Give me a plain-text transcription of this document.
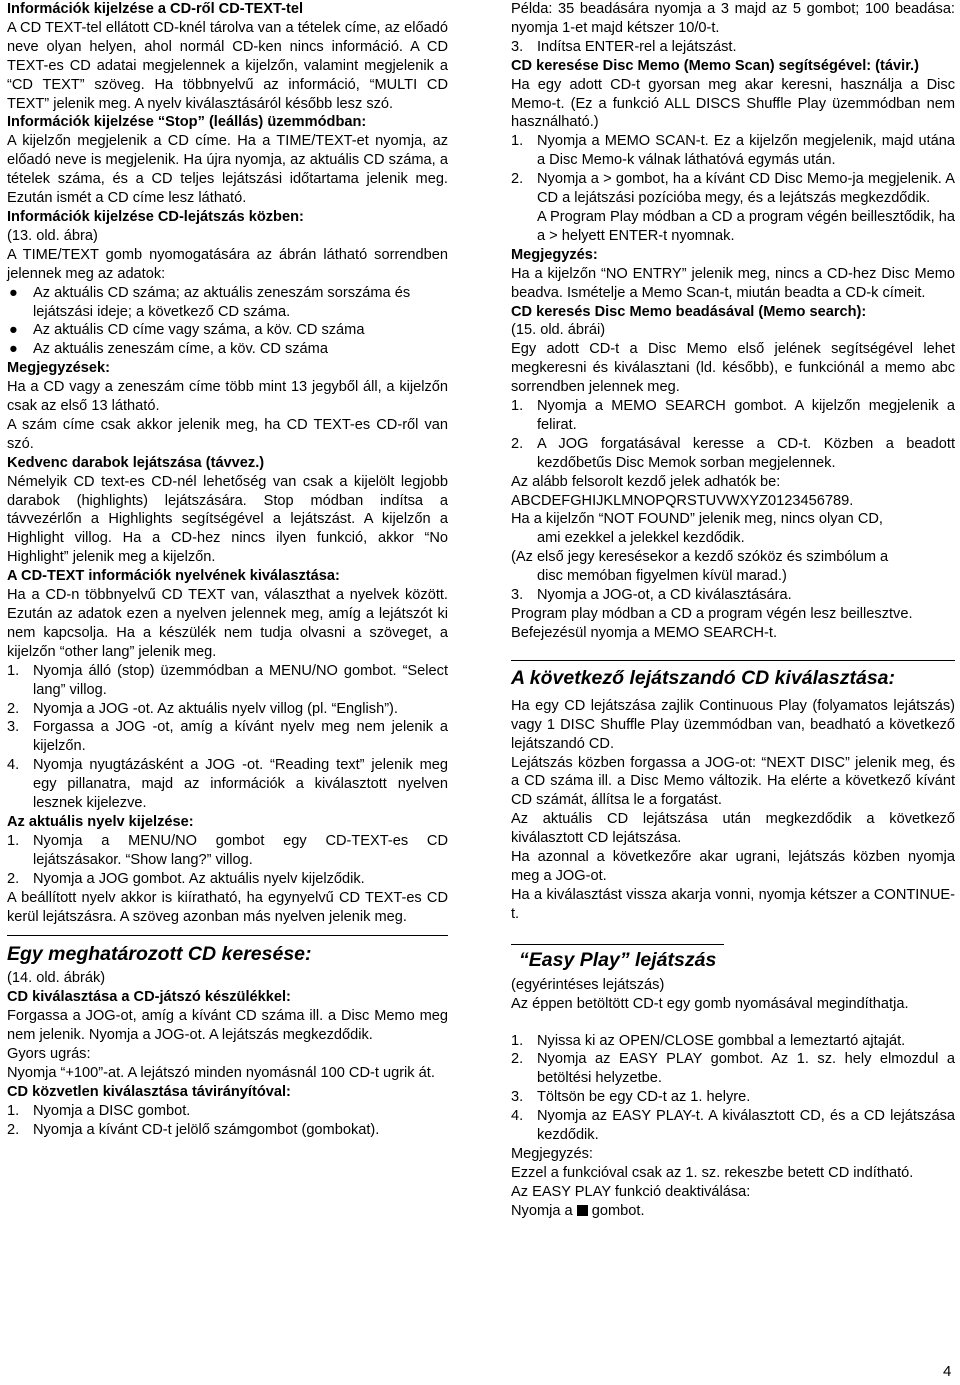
Információk kijelzése a CD-ről CD-TEXT-tel

A CD TEXT-tel ellátott CD-knél tárolva van a tételek címe, az előadó neve olyan helyen, ahol normál CD-ken nincs információ. A CD TEXT-es CD adatai megjelennek a kijelzőn, valamint megjelenik a “CD TEXT” szöveg. Ha többnyelvű az információ, “MULTI CD TEXT” jelenik meg. A nyelv kiválasztásáról később lesz szó.

Információk kijelzése “Stop” (leállás) üzemmódban:

A kijelzőn megjelenik a CD címe. Ha a TIME/TEXT-et nyomja, az előadó neve is megjelenik. Ha újra nyomja, az aktuális CD száma, a tételek száma, és a CD teljes lejátszási időtartama jelenik meg. Ezután ismét a CD címe lesz látható.

Információk kijelzése CD-lejátszás közben:

(13. old. ábra)

A TIME/TEXT gomb nyomogatására az ábrán látható sorrendben jelennek meg az adatok:

● Az aktuális CD száma; az aktuális zeneszám sorszáma és lejátszási ideje; a következő CD száma.
● Az aktuális CD címe vagy száma, a köv. CD száma
● Az aktuális zeneszám címe, a köv. CD száma

Megjegyzések:

Ha a CD vagy a zeneszám címe több mint 13 jegyből áll, a kijelzőn csak az első 13 látható.

A szám címe csak akkor jelenik meg, ha CD TEXT-es CD-ről van szó.

Kedvenc darabok lejátszása (távvez.)

Némelyik CD text-es CD-nél lehetőség van csak a kijelölt legjobb darabok (highlights) lejátszására. Stop módban indítsa a távvezérlőn a Highlights segítségével a lejátszást. A kijelzőn a Highlight villog. Ha a CD-hez nincs ilyen funkció, akkor “No Highlight” jelenik meg a kijelzőn.

A CD-TEXT információk nyelvének kiválasztása:

Ha a CD-n többnyelvű CD TEXT van, választhat a nyelvek között. Ezután az adatok ezen a nyelven jelennek meg, amíg a lejátszót ki nem kapcsolja. Ha a készülék nem tudja olvasni a szöveget, a kijelzőn “other lang” jelenik meg.

1. Nyomja álló (stop) üzemmódban a MENU/NO gombot. “Select lang” villog.
2. Nyomja a JOG -ot. Az aktuális nyelv villog (pl. “English”).
3. Forgassa a JOG -ot, amíg a kívánt nyelv meg nem jelenik a kijelzőn.
4. Nyomja nyugtázásként a JOG -ot. “Reading text” jelenik meg egy pillanatra, majd az információk a kiválasztott nyelven lesznek kijelezve.

Az aktuális nyelv kijelzése:

1. Nyomja a MENU/NO gombot egy CD-TEXT-es CD lejátszásakor. “Show lang?” villog.
2. Nyomja a JOG gombot. Az aktuális nyelv kijelződik.

A beállított nyelv akkor is kiíratható, ha egynyelvű CD TEXT-es CD kerül lejátszásra. A szöveg azonban más nyelven jelenik meg.

Egy meghatározott CD keresése:

(14. old. ábrák)

CD kiválasztása a CD-játszó készülékkel:

Forgassa a JOG-ot, amíg a kívánt CD száma ill. a Disc Memo meg nem jelenik. Nyomja a JOG-ot. A lejátszás megkezdődik.

Gyors ugrás:

Nyomja “+100”-at. A lejátszó minden nyomásnál 100 CD-t ugrik át.

CD közvetlen kiválasztása távirányítóval:

1. Nyomja a DISC gombot.
2. Nyomja a kívánt CD-t jelölő számgombot (gombokat).

Példa: 35 beadására nyomja a 3 majd az 5 gombot; 100 beadása: nyomja 1-et majd kétszer 10/0-t.

3. Indítsa ENTER-rel a lejátszást.

CD keresése Disc Memo (Memo Scan) segítségével: (távir.)

Ha egy adott CD-t gyorsan meg akar keresni, használja a Disc Memo-t. (Ez a funkció ALL DISCS Shuffle Play üzemmódban nem használható.)

1. Nyomja a MEMO SCAN-t. Ez a kijelzőn megjelenik, majd utána a Disc Memo-k válnak láthatóvá egymás után.
2. Nyomja a > gombot, ha a kívánt CD Disc Memo-ja megjelenik. A CD a lejátszási pozícióba megy, és a lejátszás megkezdődik.

A Program Play módban a CD a program végén beillesztődik, ha a > helyett ENTER-t nyomnak.

Megjegyzés:

Ha a kijelzőn “NO ENTRY” jelenik meg, nincs a CD-hez Disc Memo beadva. Ismételje a Memo Scan-t, miután beadta a CD-k címeit.

CD keresés Disc Memo beadásával (Memo search):

(15. old. ábrái)

Egy adott CD-t a Disc Memo első jelének segítségével lehet megkeresni és kiválasztani (ld. később), e funkciónál a memo abc sorrendben jelennek meg.

1. Nyomja a MEMO SEARCH gombot. A kijelzőn megjelenik a felirat.
2. A JOG forgatásával keresse a CD-t. Közben a beadott kezdőbetűs Disc Memok sorban megjelennek.

Az alább felsorolt kezdő jelek adhatók be:

ABCDEFGHIJKLMNOPQRSTUVWXYZ0123456789.

Ha a kijelzőn “NOT FOUND” jelenik meg, nincs olyan CD,

ami ezekkel a jelekkel kezdődik.

(Az első jegy keresésekor a kezdő szóköz és szimbólum a

disc memóban figyelmen kívül marad.)

3. Nyomja a JOG-ot, a CD kiválasztására.

Program play módban a CD a program végén lesz beillesztve.

Befejezésül nyomja a MEMO SEARCH-t.

A következő lejátszandó CD kiválasztása:

Ha egy CD lejátszása zajlik Continuous Play (folyamatos lejátszás) vagy 1 DISC Shuffle Play üzemmódban van, beadható a következő lejátszandó CD.

Lejátszás közben forgassa a JOG-ot: “NEXT DISC” jelenik meg, és a CD száma ill. a Disc Memo változik. Ha elérte a következő kívánt CD számát, állítsa le a forgatást.

Az aktuális CD lejátszása után megkezdődik a következő kiválasztott CD lejátszása.

Ha azonnal a következőre akar ugrani, lejátszás közben nyomja meg a JOG-ot.

Ha a kiválasztást vissza akarja vonni, nyomja kétszer a CONTINUE-t.

“Easy Play” lejátszás

(egyérintéses lejátszás)

Az éppen betöltött CD-t egy gomb nyomásával megindíthatja.

1. Nyissa ki az OPEN/CLOSE gombbal a lemeztartó ajtaját.
2. Nyomja az EASY PLAY gombot. Az 1. sz. hely elmozdul a betöltési helyzetbe.
3. Töltsön be egy CD-t az 1. helyre.
4. Nyomja az EASY PLAY-t. A kiválasztott CD, és a CD lejátszása kezdődik.

Megjegyzés:

Ezzel a funkcióval csak az 1. sz. rekeszbe betett CD indítható.

Az EASY PLAY funkció deaktiválása:

Nyomja a gombot.

4
